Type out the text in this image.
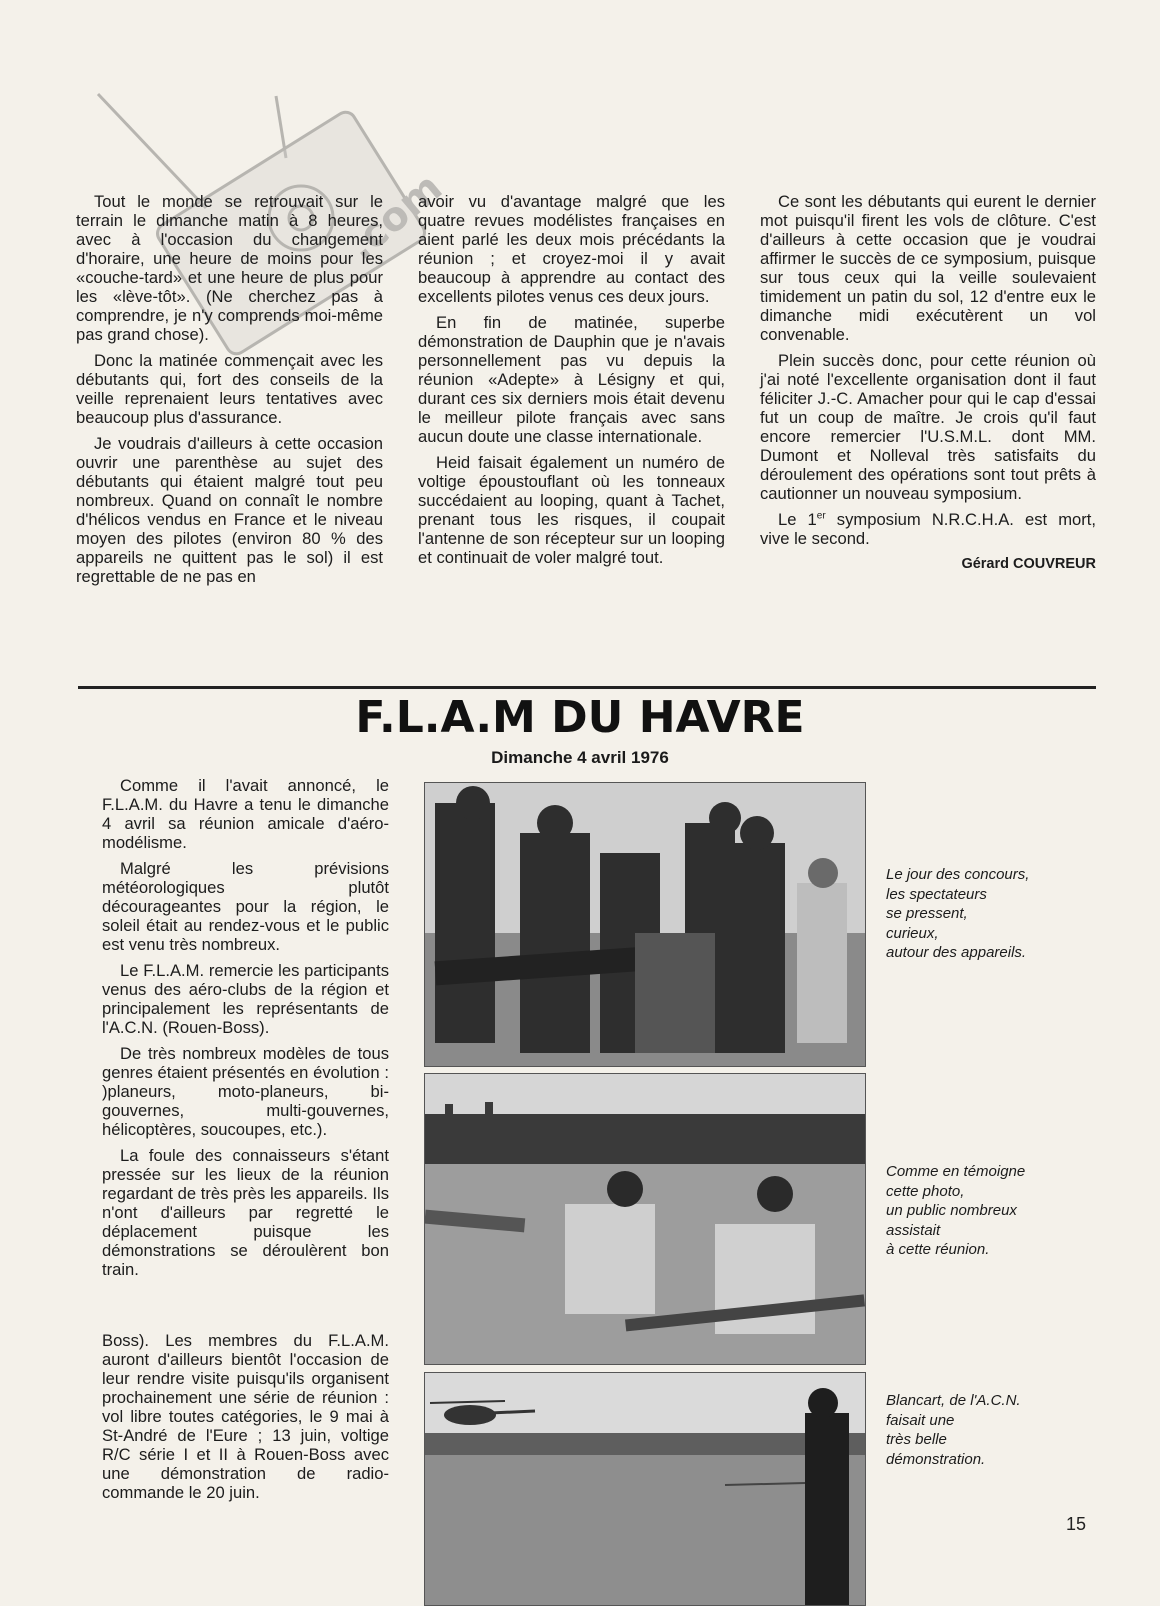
.com

Tout le monde se retrouvait sur le terrain le dimanche matin à 8 heures, avec à l'occasion du changement d'horaire, une heure de moins pour les «couche-tard» et une heure de plus pour les «lève-tôt». (Ne cherchez pas à comprendre, je n'y comprends moi-même pas grand chose).

Donc la matinée commençait avec les débutants qui, fort des conseils de la veille reprenaient leurs tentatives avec beaucoup plus d'assurance.

Je voudrais d'ailleurs à cette occasion ouvrir une parenthèse au sujet des débutants qui étaient malgré tout peu nombreux. Quand on connaît le nombre d'hélicos vendus en France et le niveau moyen des pilotes (environ 80 % des appareils ne quittent pas le sol) il est regrettable de ne pas en

avoir vu d'avantage malgré que les quatre revues modélistes françaises en aient parlé les deux mois précédants la réunion ; et croyez-moi il y avait beaucoup à apprendre au contact des excellents pilotes venus ces deux jours.

En fin de matinée, superbe démonstration de Dauphin que je n'avais personnellement pas vu depuis la réunion «Adepte» à Lésigny et qui, durant ces six derniers mois était devenu le meilleur pilote français avec sans aucun doute une classe internationale.

Heid faisait également un numéro de voltige époustouflant où les tonneaux succédaient au looping, quant à Tachet, prenant tous les risques, il coupait l'antenne de son récepteur sur un looping et continuait de voler malgré tout.

Ce sont les débutants qui eurent le dernier mot puisqu'il firent les vols de clôture. C'est d'ailleurs à cette occasion que je voudrai affirmer le succès de ce symposium, puisque sur tous ceux qui la veille soulevaient timidement un patin du sol, 12 d'entre eux le dimanche midi exécutèrent un vol convenable.

Plein succès donc, pour cette réunion où j'ai noté l'excellente organisation dont il faut féliciter J.-C. Amacher pour qui le cap d'essai fut un coup de maître. Je crois qu'il faut encore remercier l'U.S.M.L. dont MM. Dumont et Nolleval très satisfaits du déroulement des opérations sont tout prêts à cautionner un nouveau symposium.

Le 1er symposium N.R.C.H.A. est mort, vive le second.

Gérard COUVREUR
F.L.A.M DU HAVRE
Dimanche 4 avril 1976

Comme il l'avait annoncé, le F.L.A.M. du Havre a tenu le dimanche 4 avril sa réunion amicale d'aéro-modélisme.

Malgré les prévisions météorologiques plutôt décourageantes pour la région, le soleil était au rendez-vous et le public est venu très nombreux.

Le F.L.A.M. remercie les participants venus des aéro-clubs de la région et principalement les représentants de l'A.C.N. (Rouen-Boss).

De très nombreux modèles de tous genres étaient présentés en évolution : )planeurs, moto-planeurs, bi-gouvernes, multi-gouvernes, hélicoptères, soucoupes, etc.).

La foule des connaisseurs s'étant pressée sur les lieux de la réunion regardant de très près les appareils. Ils n'ont d'ailleurs par regretté le déplacement puisque les démonstrations se déroulèrent bon train.

Boss). Les membres du F.L.A.M. auront d'ailleurs bientôt l'occasion de leur rendre visite puisqu'ils organisent prochainement une série de réunion : vol libre toutes catégories, le 9 mai à St-André de l'Eure ; 13 juin, voltige R/C série I et II à Rouen-Boss avec une démonstration de radio-commande le 20 juin.

Le jour des concours,
les spectateurs
se pressent,
curieux,
autour des appareils.
Comme en témoigne
cette photo,
un public nombreux
assistait
à cette réunion.
Blancart, de l'A.C.N.
faisait une
très belle
démonstration.
15
